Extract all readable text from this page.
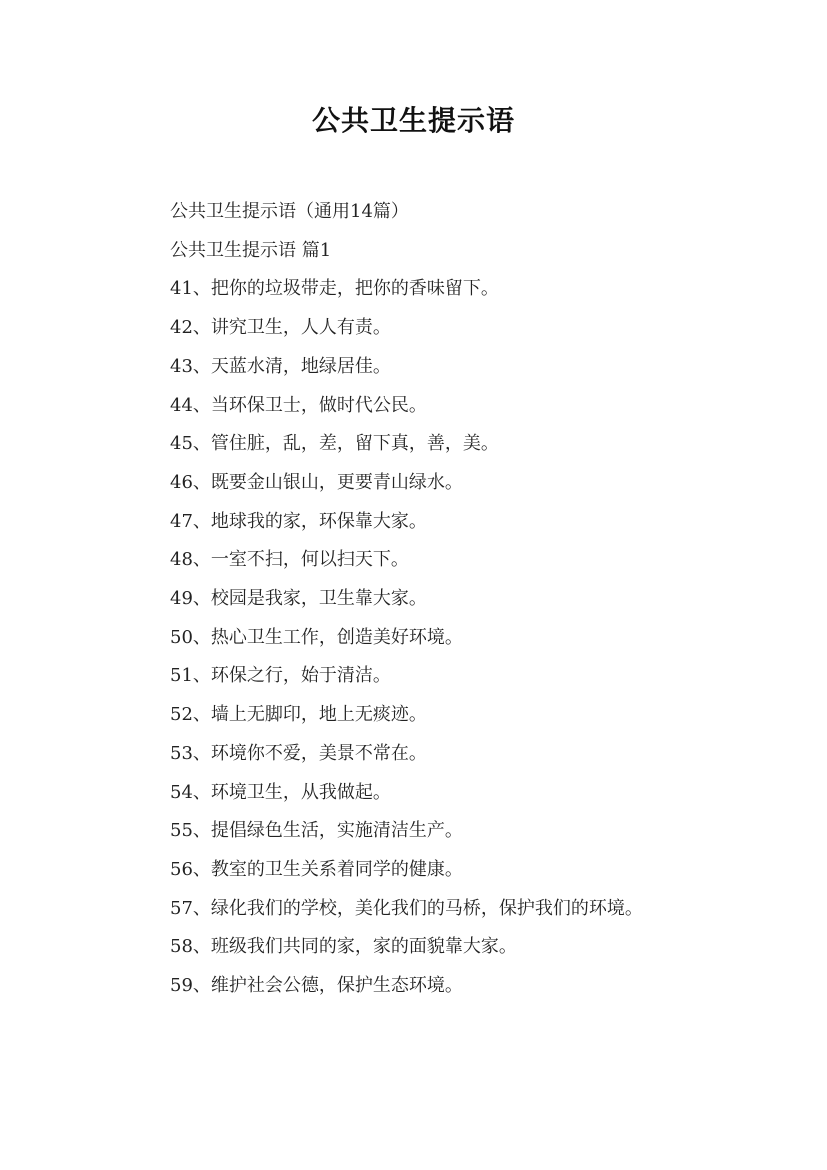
公共卫生提示语

公共卫生提示语（通用14篇）

公共卫生提示语 篇1

41、把你的垃圾带走，把你的香味留下。

42、讲究卫生，人人有责。

43、天蓝水清，地绿居佳。

44、当环保卫士，做时代公民。

45、管住脏，乱，差，留下真，善，美。

46、既要金山银山，更要青山绿水。

47、地球我的家，环保靠大家。

48、一室不扫，何以扫天下。

49、校园是我家，卫生靠大家。

50、热心卫生工作，创造美好环境。

51、环保之行，始于清洁。

52、墙上无脚印，地上无痰迹。

53、环境你不爱，美景不常在。

54、环境卫生，从我做起。

55、提倡绿色生活，实施清洁生产。

56、教室的卫生关系着同学的健康。

57、绿化我们的学校，美化我们的马桥，保护我们的环境。

58、班级我们共同的家，家的面貌靠大家。

59、维护社会公德，保护生态环境。
